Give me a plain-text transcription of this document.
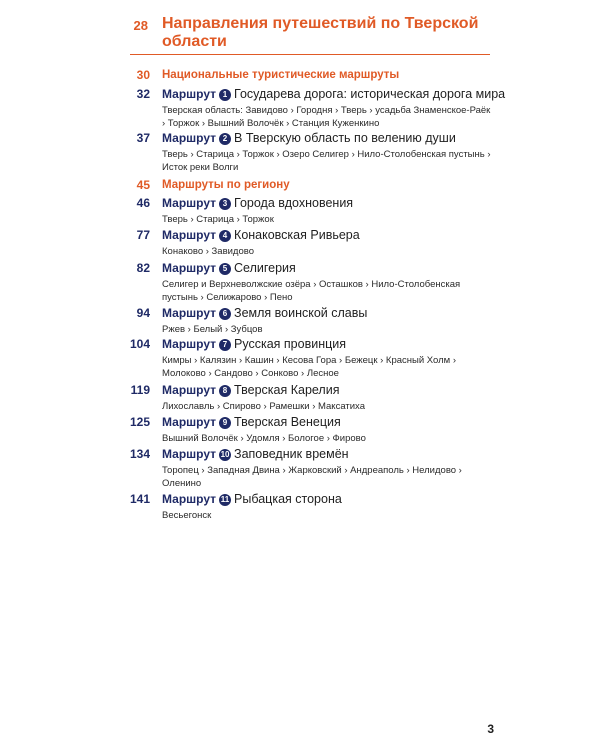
28 Направления путешествий по Тверской области
30 Национальные туристические маршруты
32 Маршрут 1 Государева дорога: историческая дорога мира
Тверская область: Завидово › Городня › Тверь › усадьба Знаменское-Раёк › Торжок › Вышний Волочёк › Станция Куженкино
37 Маршрут 2 В Тверскую область по велению души
Тверь › Старица › Торжок › Озеро Селигер › Нило-Столобенская пустынь › Исток реки Волги
45 Маршруты по региону
46 Маршрут 3 Города вдохновения
Тверь › Старица › Торжок
77 Маршрут 4 Конаковская Ривьера
Конаково › Завидово
82 Маршрут 5 Селигерия
Селигер и Верхневолжские озёра › Осташков › Нило-Столобенская пустынь › Селижарово › Пено
94 Маршрут 6 Земля воинской славы
Ржев › Белый › Зубцов
104 Маршрут 7 Русская провинция
Кимры › Калязин › Кашин › Кесова Гора › Бежецк › Красный Холм › Молоково › Сандово › Сонково › Лесное
119 Маршрут 8 Тверская Карелия
Лихославль › Спирово › Рамешки › Максатиха
125 Маршрут 9 Тверская Венеция
Вышний Волочёк › Удомля › Бологое › Фирово
134 Маршрут 10 Заповедник времён
Торопец › Западная Двина › Жарковский › Андреаполь › Нелидово › Оленино
141 Маршрут 11 Рыбацкая сторона
Весьегонск
3
